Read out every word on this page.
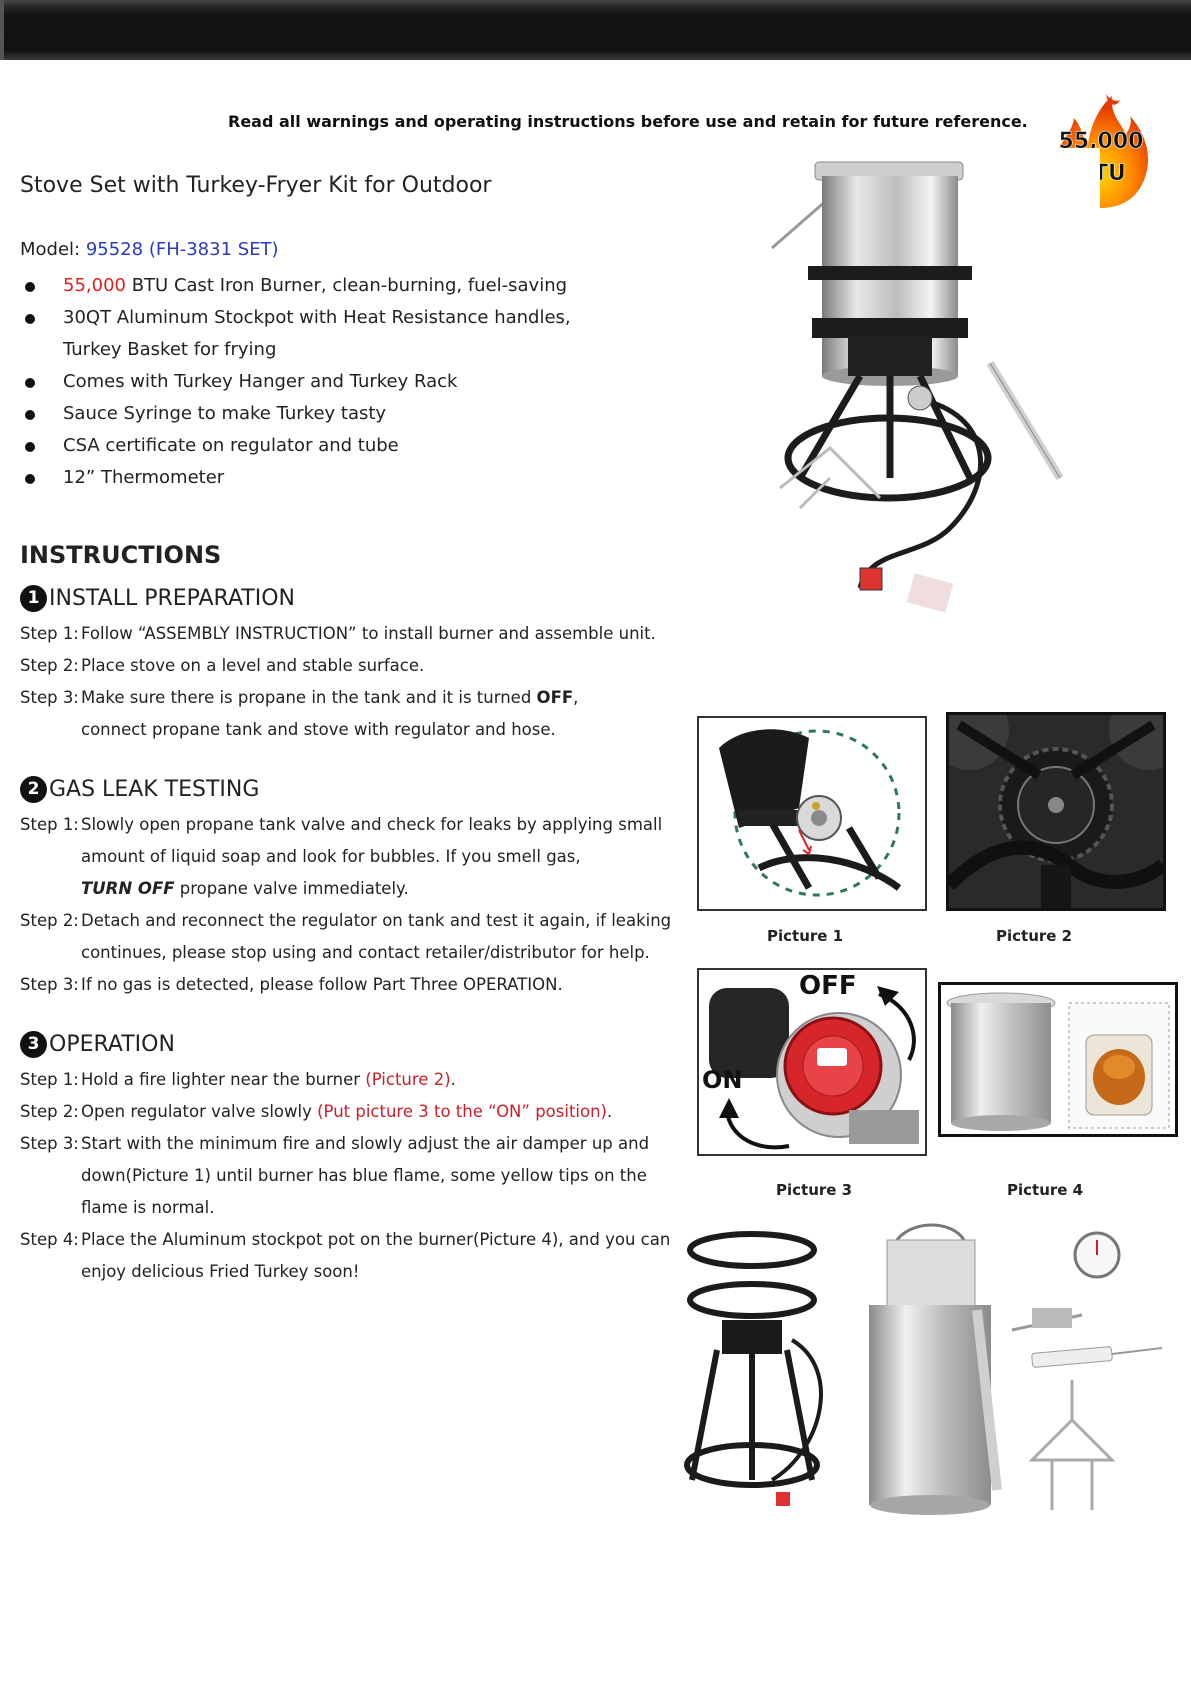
Read all warnings and operating instructions before use and retain for future reference.
55,000
BTU
Stove Set with Turkey-Fryer Kit for Outdoor
Model: 95528 (FH-3831 SET)
55,000 BTU Cast Iron Burner, clean-burning, fuel-saving
30QT Aluminum Stockpot with Heat Resistance handles,
Turkey Basket for frying
Comes with Turkey Hanger and Turkey Rack
Sauce Syringe to make Turkey tasty
CSA certificate on regulator and tube
12” Thermometer
INSTRUCTIONS
1 INSTALL PREPARATION
Step 1: Follow “ASSEMBLY INSTRUCTION” to install burner and assemble unit.
Step 2: Place stove on a level and stable surface.
Step 3: Make sure there is propane in the tank and it is turned OFF,
connect propane tank and stove with regulator and hose.
2 GAS LEAK TESTING
Step 1: Slowly open propane tank valve and check for leaks by applying small
amount of liquid soap and look for bubbles. If you smell gas,
TURN OFF propane valve immediately.
Step 2: Detach and reconnect the regulator on tank and test it again, if leaking
continues, please stop using and contact retailer/distributor for help.
Step 3: If no gas is detected, please follow Part Three OPERATION.
3 OPERATION
Step 1: Hold a fire lighter near the burner (Picture 2).
Step 2: Open regulator valve slowly (Put picture 3 to the “ON” position).
Step 3: Start with the minimum fire and slowly adjust the air damper up and
down(Picture 1) until burner has blue flame, some yellow tips on the
flame is normal.
Step 4: Place the Aluminum stockpot pot on the burner(Picture 4), and you can
enjoy delicious Fried Turkey soon!
Picture 1	Picture 2
OFF
ON
Picture 3	Picture 4
